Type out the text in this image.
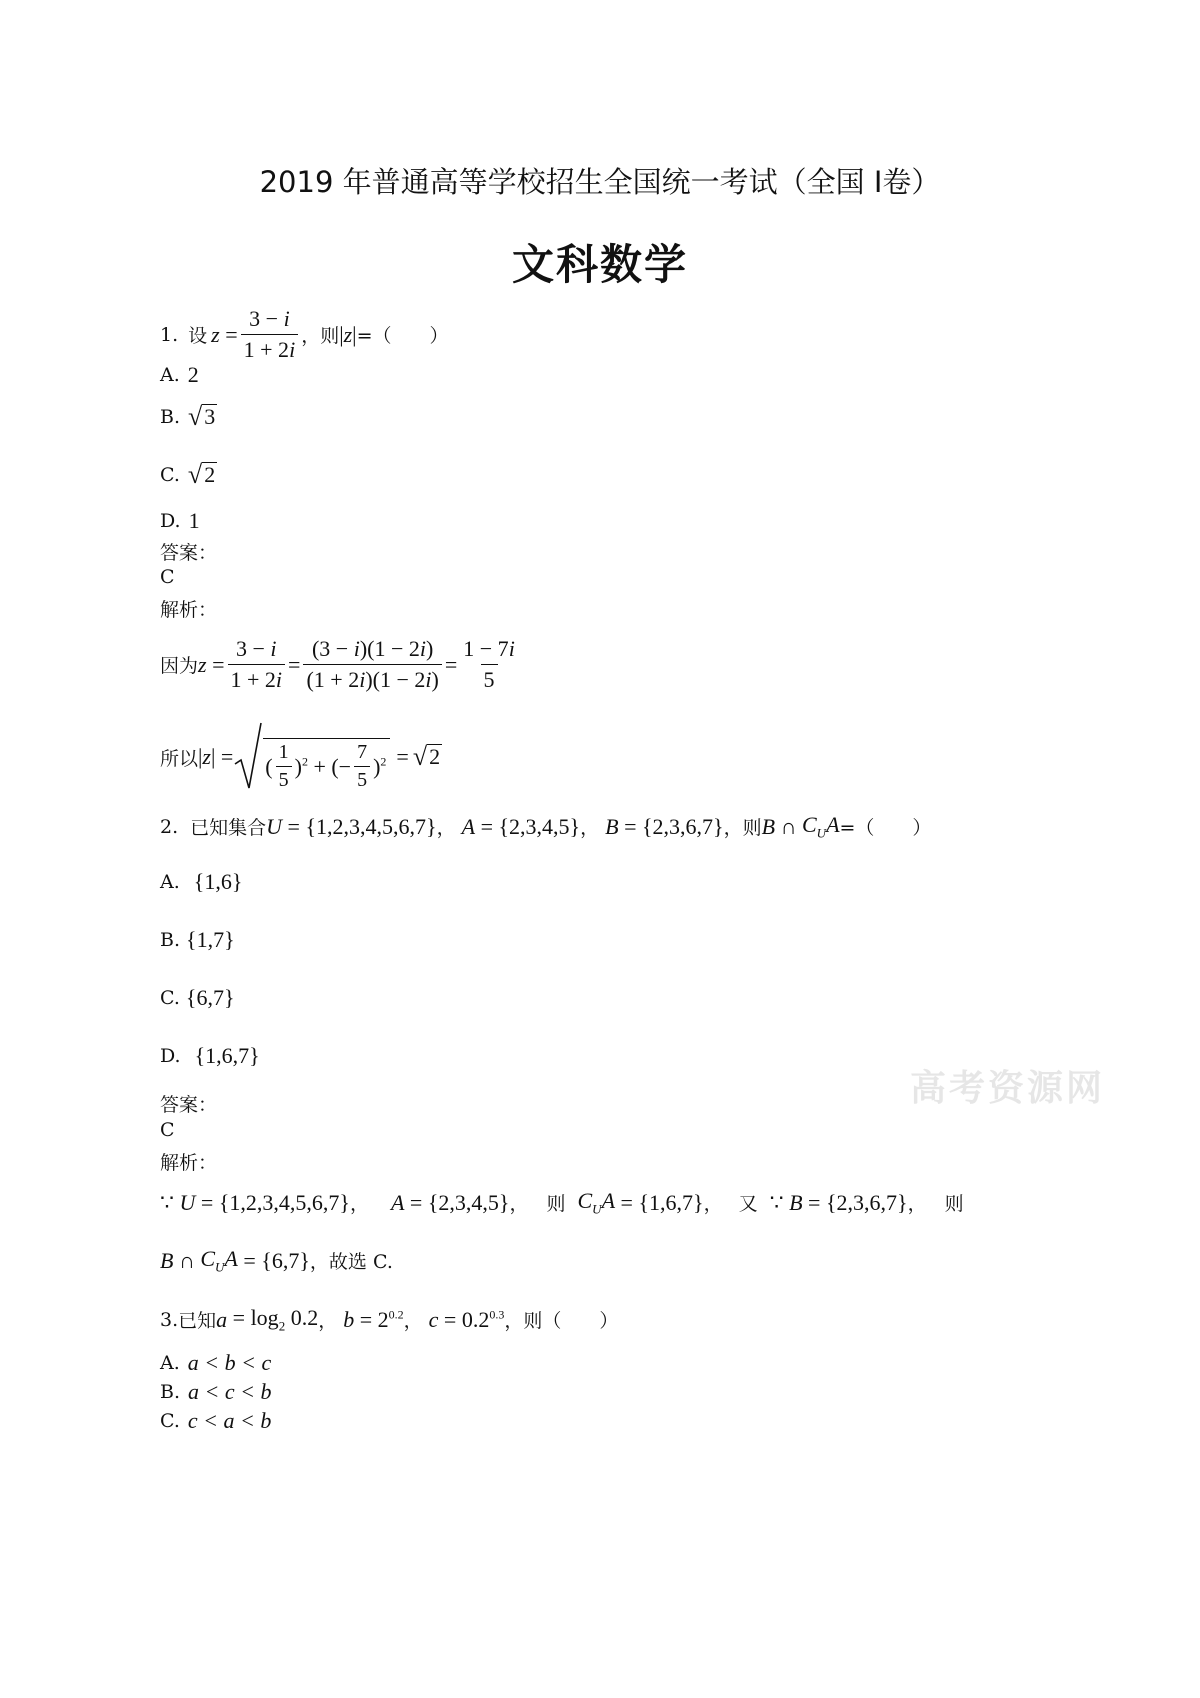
2019 年普通高等学校招生全国统一考试（全国 I卷）
文科数学
1. 设 $z = \frac{3 - i}{1 + 2i}$ ，则 |z| =（　　）
A. 2
B. √ 3
C. √ 2
D. 1
答案：
C
解析：
因为 $z = \frac{3 - i}{1 + 2i} = \frac{(3 - i)(1 - 2i)}{(1 + 2i)(1 - 2i)} = \frac{1 - 7i}{5}$
所以 |z| = ( $\frac{1}{5} )^2$ + (− $\frac{7}{5} )^2$ = √ 2
2. 已知集合 U = {1,2,3,4,5,6,7} ， A = {2,3,4,5} ， B = {2,3,6,7} ，则 B ∩ $C_UA$ =（　　）
A. {1,6}
B. {1,7}
C. {6,7}
D. {1,6,7}
高考资源网
答案：
C
解析：
∵ U = {1,2,3,4,5,6,7} ， A = {2,3,4,5} ， 则 $C_UA = \{1,6,7\}$ ， 又 ∵ B = {2,3,6,7} ， 则
B ∩ $C_UA = \{6,7\}$ ，故选 C.
3. 已知 $a = \log_2 0.2$ ， $b = 2^{0.2}$ ， $c = 0.2^{0.3}$ ，则（　　）
A. a < b < c
B. a < c < b
C. c < a < b
